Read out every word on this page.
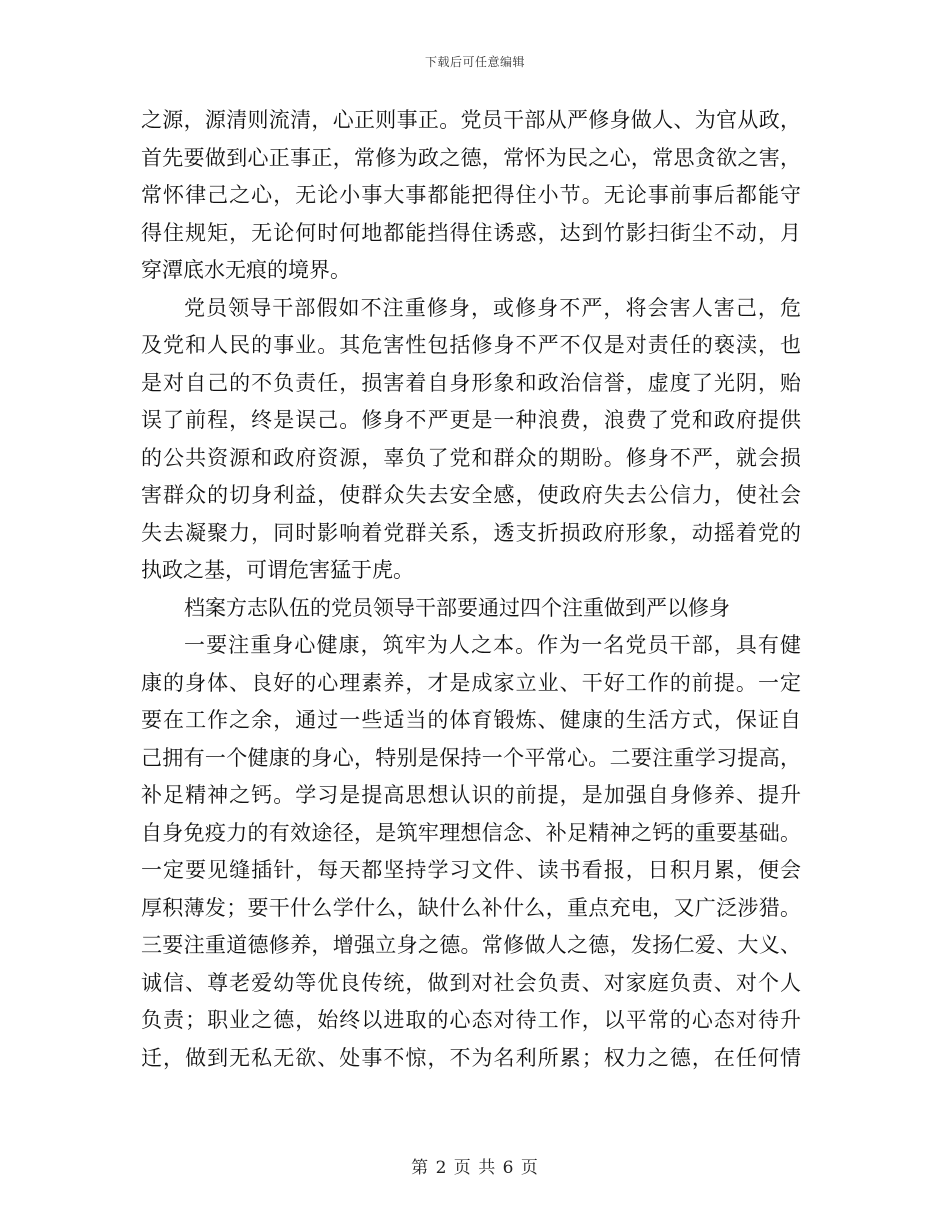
下载后可任意编辑
之源，源清则流清，心正则事正。党员干部从严修身做人、为官从政，
首先要做到心正事正，常修为政之德，常怀为民之心，常思贪欲之害，
常怀律己之心，无论小事大事都能把得住小节。无论事前事后都能守
得住规矩，无论何时何地都能挡得住诱惑，达到竹影扫街尘不动，月
穿潭底水无痕的境界。
党员领导干部假如不注重修身，或修身不严，将会害人害己，危
及党和人民的事业。其危害性包括修身不严不仅是对责任的亵渎，也
是对自己的不负责任，损害着自身形象和政治信誉，虚度了光阴，贻
误了前程，终是误己。修身不严更是一种浪费，浪费了党和政府提供
的公共资源和政府资源，辜负了党和群众的期盼。修身不严，就会损
害群众的切身利益，使群众失去安全感，使政府失去公信力，使社会
失去凝聚力，同时影响着党群关系，透支折损政府形象，动摇着党的
执政之基，可谓危害猛于虎。
档案方志队伍的党员领导干部要通过四个注重做到严以修身
一要注重身心健康，筑牢为人之本。作为一名党员干部，具有健
康的身体、良好的心理素养，才是成家立业、干好工作的前提。一定
要在工作之余，通过一些适当的体育锻炼、健康的生活方式，保证自
己拥有一个健康的身心，特别是保持一个平常心。二要注重学习提高，
补足精神之钙。学习是提高思想认识的前提，是加强自身修养、提升
自身免疫力的有效途径，是筑牢理想信念、补足精神之钙的重要基础。
一定要见缝插针，每天都坚持学习文件、读书看报，日积月累，便会
厚积薄发；要干什么学什么，缺什么补什么，重点充电，又广泛涉猎。
三要注重道德修养，增强立身之德。常修做人之德，发扬仁爱、大义、
诚信、尊老爱幼等优良传统，做到对社会负责、对家庭负责、对个人
负责；职业之德，始终以进取的心态对待工作，以平常的心态对待升
迁，做到无私无欲、处事不惊，不为名利所累；权力之德，在任何情
第 2 页 共 6 页
